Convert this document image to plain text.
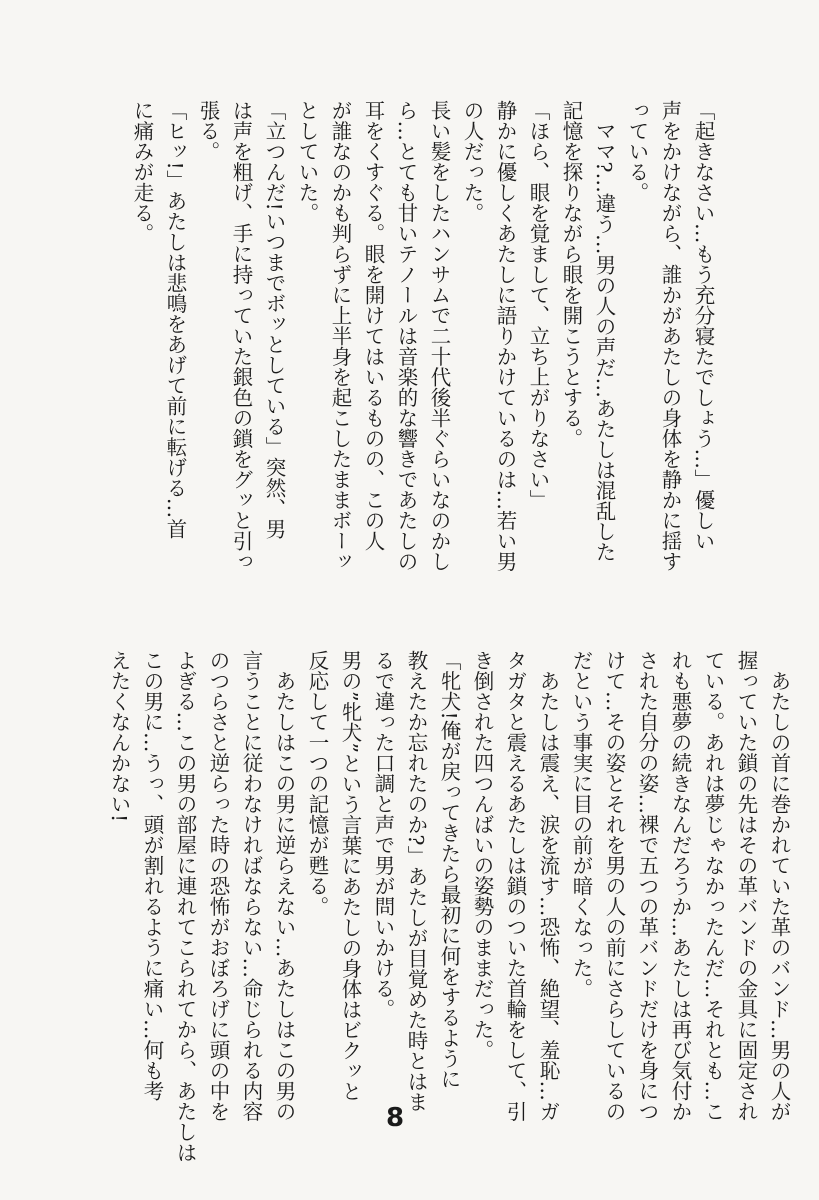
「起きなさい…もう充分寝たでしょう…」優しい
声をかけながら、誰かがあたしの身体を静かに揺す
っている。
　ママ?…違う…男の人の声だ…あたしは混乱した
記憶を探りながら眼を開こうとする。
「ほら、眼を覚まして、立ち上がりなさい」
静かに優しくあたしに語りかけているのは…若い男
の人だった。
長い髪をしたハンサムで二十代後半ぐらいなのかし
ら…とても甘いテノールは音楽的な響きであたしの
耳をくすぐる。眼を開けてはいるものの、この人
が誰なのかも判らずに上半身を起こしたままボーッ
としていた。
「立つんだ!いつまでボッとしている」突然、男
は声を粗げ、手に持っていた銀色の鎖をグッと引っ
張る。
「ヒッ!」あたしは悲鳴をあげて前に転げる…首
に痛みが走る。
　あたしの首に巻かれていた革のバンド…男の人が
握っていた鎖の先はその革バンドの金具に固定され
ている。あれは夢じゃなかったんだ…それとも…こ
れも悪夢の続きなんだろうか…あたしは再び気付か
された自分の姿…裸で五つの革バンドだけを身につ
けて…その姿とそれを男の人の前にさらしているの
だという事実に目の前が暗くなった。
　あたしは震え、涙を流す…恐怖、絶望、羞恥…ガ
タガタと震えるあたしは鎖のついた首輪をして、引
き倒された四つんばいの姿勢のままだった。
「牝犬!俺が戻ってきたら最初に何をするように
教えたか忘れたのか?」あたしが目覚めた時とはま
るで違った口調と声で男が問いかける。
男の”牝犬”という言葉にあたしの身体はビクッと
反応して一つの記憶が甦る。
　あたしはこの男に逆らえない…あたしはこの男の
言うことに従わなければならない…命じられる内容
のつらさと逆らった時の恐怖がおぼろげに頭の中を
よぎる…この男の部屋に連れてこられてから、あたしは
この男に…うっ、頭が割れるように痛い…何も考
えたくなんかない!
8
